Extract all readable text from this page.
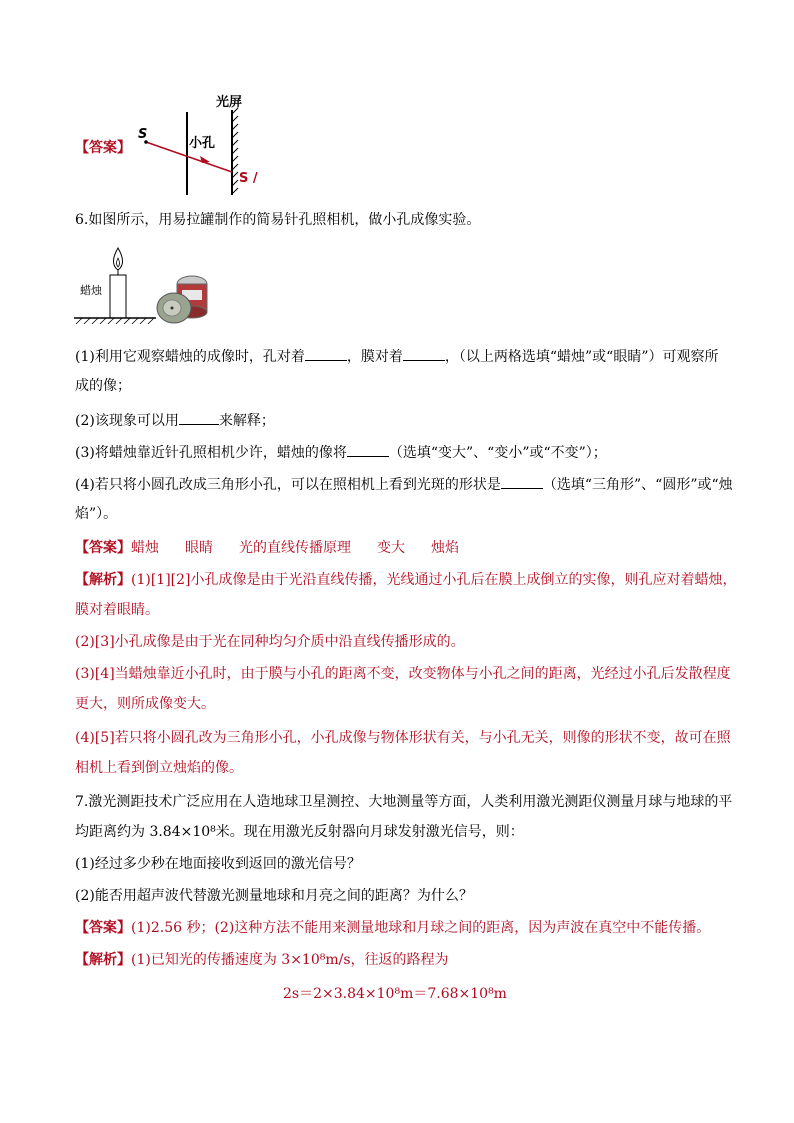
【答案】
S
小孔
光屏
S /
6.如图所示，用易拉罐制作的简易针孔照相机，做小孔成像实验。
蜡烛
(1)利用它观察蜡烛的成像时，孔对着	，膜对着	，（以上两格选填“蜡烛”或“眼睛”）可观察所
成的像；
(2)该现象可以用	来解释；
(3)将蜡烛靠近针孔照相机少许，蜡烛的像将	（选填“变大”、“变小”或“不变”）；
(4)若只将小圆孔改成三角形小孔，可以在照相机上看到光斑的形状是	（选填“三角形”、“圆形”或“烛
焰”）。
【答案】蜡烛 眼睛 光的直线传播原理 变大 烛焰
【解析】(1)[1][2]小孔成像是由于光沿直线传播，光线通过小孔后在膜上成倒立的实像，则孔应对着蜡烛，
膜对着眼睛。
(2)[3]小孔成像是由于光在同种均匀介质中沿直线传播形成的。
(3)[4]当蜡烛靠近小孔时，由于膜与小孔的距离不变，改变物体与小孔之间的距离，光经过小孔后发散程度
更大，则所成像变大。
(4)[5]若只将小圆孔改为三角形小孔，小孔成像与物体形状有关，与小孔无关，则像的形状不变，故可在照
相机上看到倒立烛焰的像。
7.激光测距技术广泛应用在人造地球卫星测控、大地测量等方面，人类利用激光测距仪测量月球与地球的平
均距离约为 3.84×10⁸米。现在用激光反射器向月球发射激光信号，则：
(1)经过多少秒在地面接收到返回的激光信号？
(2)能否用超声波代替激光测量地球和月亮之间的距离？为什么？
【答案】(1)2.56 秒；(2)这种方法不能用来测量地球和月球之间的距离，因为声波在真空中不能传播。
【解析】(1)已知光的传播速度为 3×10⁸m/s，往返的路程为
2s＝2×3.84×10⁸m＝7.68×10⁸m
